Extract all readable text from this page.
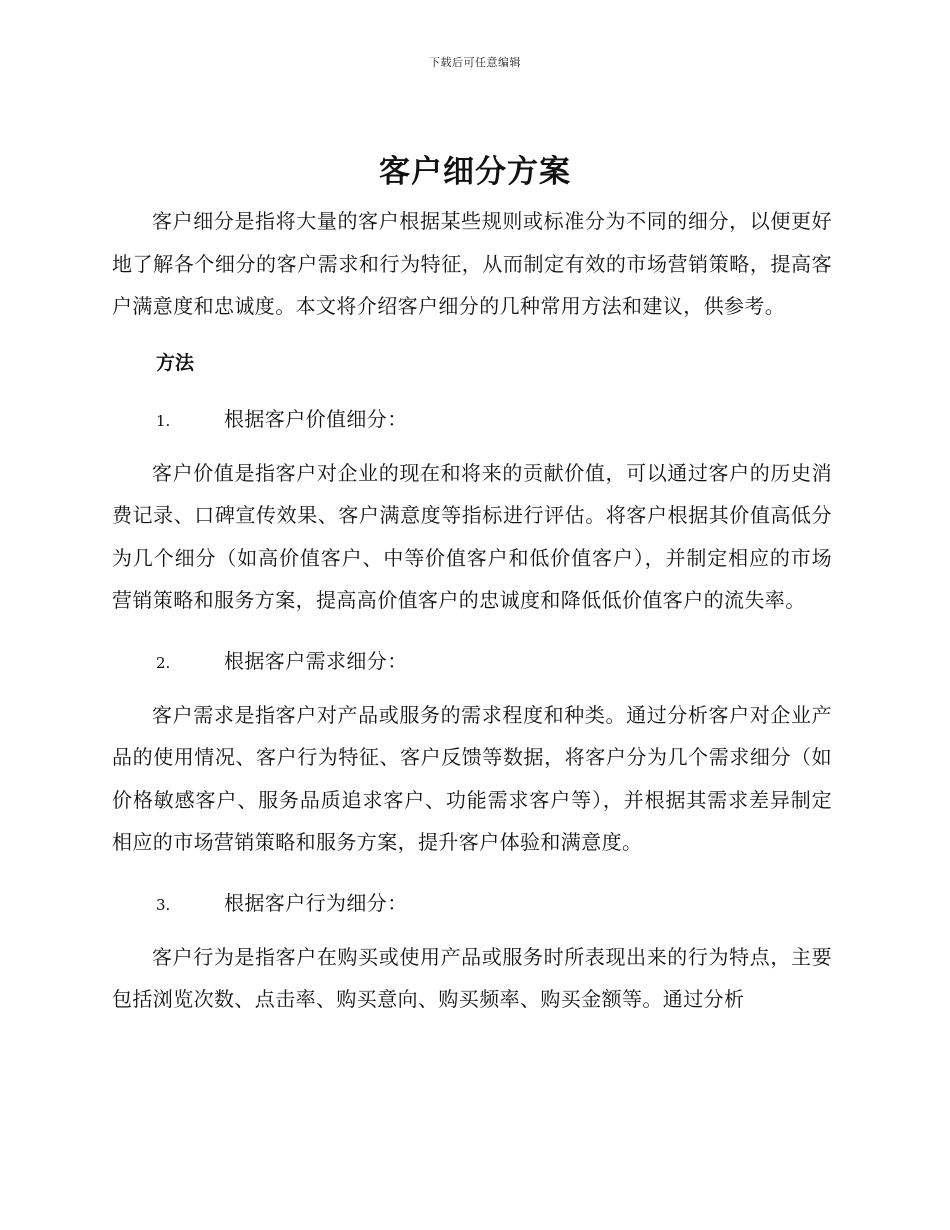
下载后可任意编辑
客户细分方案

客户细分是指将大量的客户根据某些规则或标准分为不同的细分，以便更好地了解各个细分的客户需求和行为特征，从而制定有效的市场营销策略，提高客户满意度和忠诚度。本文将介绍客户细分的几种常用方法和建议，供参考。

方法
1.	根据客户价值细分：

客户价值是指客户对企业的现在和将来的贡献价值，可以通过客户的历史消费记录、口碑宣传效果、客户满意度等指标进行评估。将客户根据其价值高低分为几个细分（如高价值客户、中等价值客户和低价值客户），并制定相应的市场营销策略和服务方案，提高高价值客户的忠诚度和降低低价值客户的流失率。

2.	根据客户需求细分：

客户需求是指客户对产品或服务的需求程度和种类。通过分析客户对企业产品的使用情况、客户行为特征、客户反馈等数据，将客户分为几个需求细分（如价格敏感客户、服务品质追求客户、功能需求客户等），并根据其需求差异制定相应的市场营销策略和服务方案，提升客户体验和满意度。

3.	根据客户行为细分：

客户行为是指客户在购买或使用产品或服务时所表现出来的行为特点，主要包括浏览次数、点击率、购买意向、购买频率、购买金额等。通过分析
